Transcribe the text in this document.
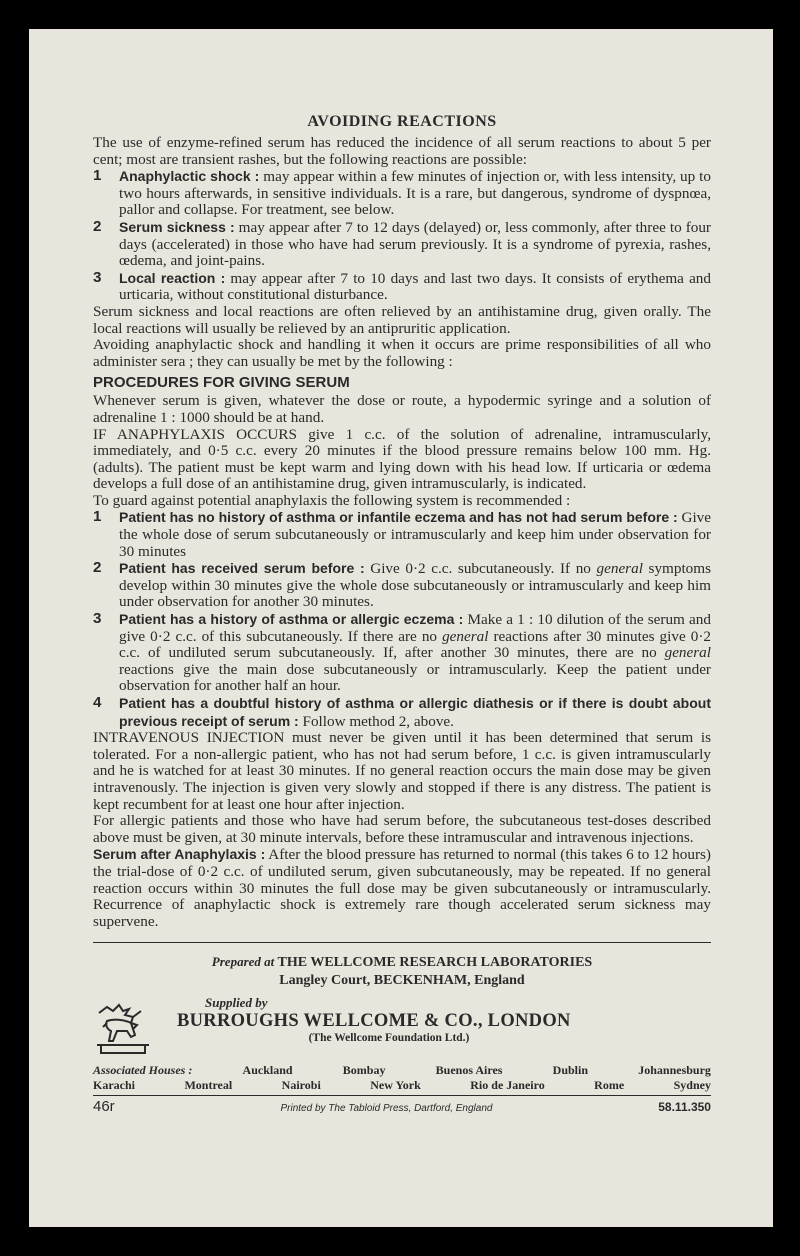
AVOIDING REACTIONS

The use of enzyme-refined serum has reduced the incidence of all serum reactions to about 5 per cent; most are transient rashes, but the following reactions are possible:

1	Anaphylactic shock : may appear within a few minutes of injection or, with less intensity, up to two hours afterwards, in sensitive individuals. It is a rare, but dangerous, syndrome of dyspnœa, pallor and collapse. For treatment, see below.

2	Serum sickness : may appear after 7 to 12 days (delayed) or, less commonly, after three to four days (accelerated) in those who have had serum previously. It is a syndrome of pyrexia, rashes, œdema, and joint-pains.

3	Local reaction : may appear after 7 to 10 days and last two days. It consists of erythema and urticaria, without constitutional disturbance.

Serum sickness and local reactions are often relieved by an antihistamine drug, given orally. The local reactions will usually be relieved by an antipruritic application.

Avoiding anaphylactic shock and handling it when it occurs are prime responsibilities of all who administer sera ; they can usually be met by the following :

PROCEDURES FOR GIVING SERUM

Whenever serum is given, whatever the dose or route, a hypodermic syringe and a solution of adrenaline 1 : 1000 should be at hand.

IF ANAPHYLAXIS OCCURS give 1 c.c. of the solution of adrenaline, intramuscularly, immediately, and 0·5 c.c. every 20 minutes if the blood pressure remains below 100 mm. Hg. (adults). The patient must be kept warm and lying down with his head low. If urticaria or œdema develops a full dose of an antihistamine drug, given intramuscularly, is indicated.

To guard against potential anaphylaxis the following system is recommended :

1	Patient has no history of asthma or infantile eczema and has not had serum before : Give the whole dose of serum subcutaneously or intramuscularly and keep him under observation for 30 minutes

2	Patient has received serum before : Give 0·2 c.c. subcutaneously. If no general symptoms develop within 30 minutes give the whole dose subcutaneously or intramuscularly and keep him under observation for another 30 minutes.

3	Patient has a history of asthma or allergic eczema : Make a 1 : 10 dilution of the serum and give 0·2 c.c. of this subcutaneously. If there are no general reactions after 30 minutes give 0·2 c.c. of undiluted serum subcutaneously. If, after another 30 minutes, there are no general reactions give the main dose subcutaneously or intramuscularly. Keep the patient under observation for another half an hour.

4	Patient has a doubtful history of asthma or allergic diathesis or if there is doubt about previous receipt of serum : Follow method 2, above.

INTRAVENOUS INJECTION must never be given until it has been determined that serum is tolerated. For a non-allergic patient, who has not had serum before, 1 c.c. is given intramuscularly and he is watched for at least 30 minutes. If no general reaction occurs the main dose may be given intravenously. The injection is given very slowly and stopped if there is any distress. The patient is kept recumbent for at least one hour after injection.

For allergic patients and those who have had serum before, the subcutaneous test-doses described above must be given, at 30 minute intervals, before these intramuscular and intravenous injections.

Serum after Anaphylaxis : After the blood pressure has returned to normal (this takes 6 to 12 hours) the trial-dose of 0·2 c.c. of undiluted serum, given subcutaneously, may be repeated. If no general reaction occurs within 30 minutes the full dose may be given subcutaneously or intramuscularly. Recurrence of anaphylactic shock is extremely rare though accelerated serum sickness may supervene.

Prepared at THE WELLCOME RESEARCH LABORATORIES
Langley Court, BECKENHAM, England
Supplied by
BURROUGHS WELLCOME & CO., LONDON
(The Wellcome Foundation Ltd.)
Associated Houses :	Auckland	Bombay	Buenos Aires	Dublin	Johannesburg
Karachi	Montreal	Nairobi	New York	Rio de Janeiro	Rome	Sydney
46r	Printed by The Tabloid Press, Dartford, England	58.11.350
